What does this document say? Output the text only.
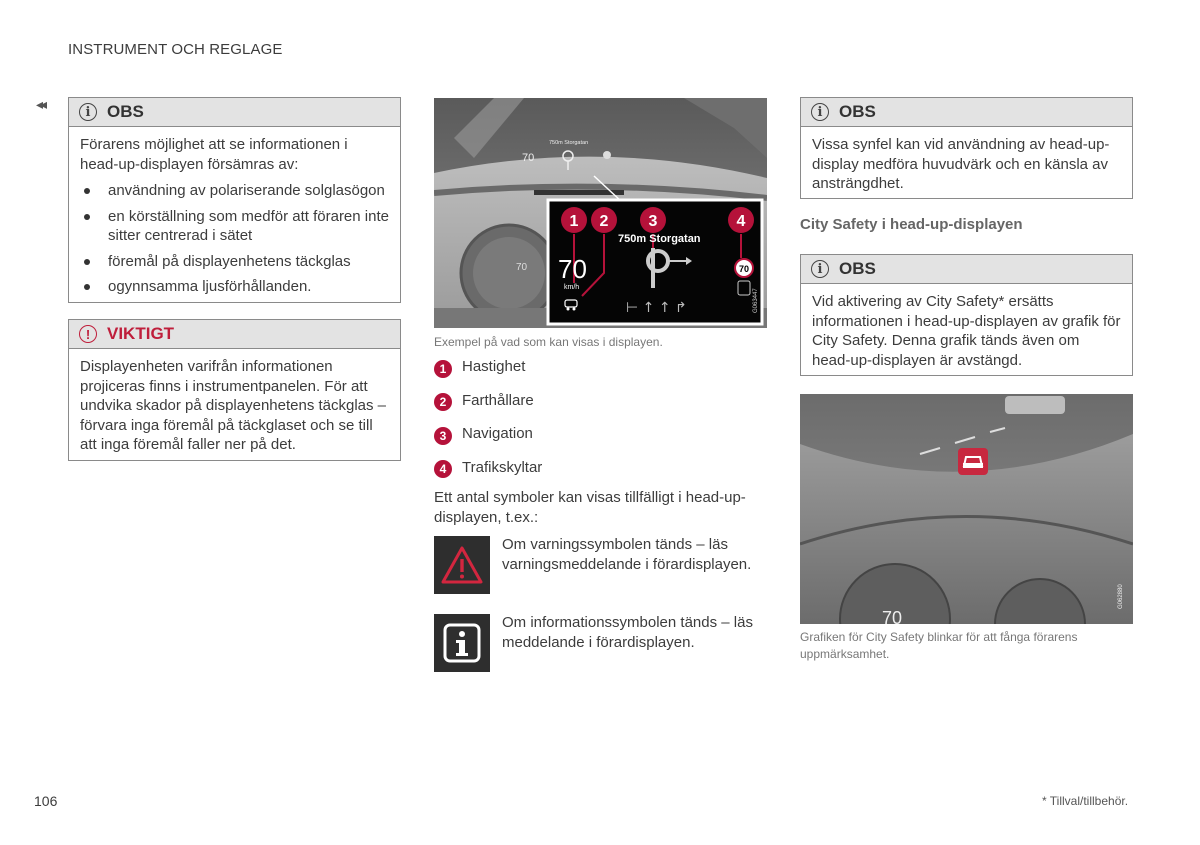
INSTRUMENT OCH REGLAGE
◂◂	i OBS
Förarens möjlighet att se informationen i head-up-displayen försämras av:
användning av polariserande solglasögon
en körställning som medför att föraren inte sitter centrerad i sätet
föremål på displayenhetens täckglas
ogynnsamma ljusförhållanden.
! VIKTIGT
Displayenheten varifrån informationen projiceras finns i instrumentpanelen. För att undvika skador på displayenhetens täckglas – förvara inga föremål på täckglaset och se till att inga föremål faller ner på det.
70
750m Storgatan
70
1 2	3	4
750m Storgatan
70
km/h
⊢ ↑ ↑ ↱
70
G063447
Exempel på vad som kan visas i displayen.
1	Hastighet
2	Farthållare
3	Navigation
4	Trafikskyltar
Ett antal symboler kan visas tillfälligt i head-up-displayen, t.ex.:
Om varningssymbolen tänds – läs varningsmeddelande i förardisplayen.
Om informationssymbolen tänds – läs meddelande i förardisplayen.
i OBS
Vissa synfel kan vid användning av head-up-display medföra huvudvärk och en känsla av ansträngdhet.
City Safety i head-up-displayen
i OBS
Vid aktivering av City Safety* ersätts informationen i head-up-displayen av grafik för City Safety. Denna grafik tänds även om head-up-displayen är avstängd.
70
G062880
Grafiken för City Safety blinkar för att fånga förarens uppmärksamhet.
106	* Tillval/tillbehör.
